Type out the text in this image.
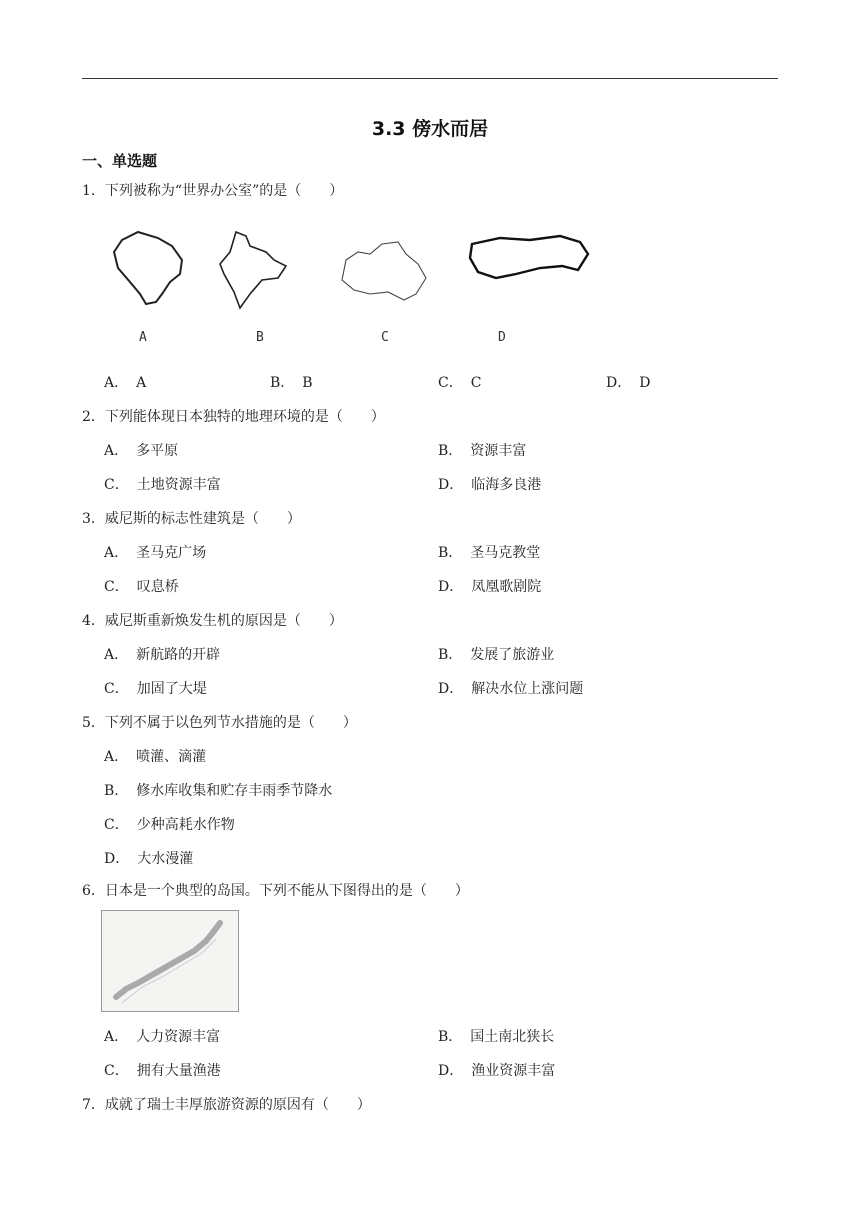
3.3 傍水而居
一、单选题
1．下列被称为“世界办公室”的是（　　）
A	B	C	D
A． A	B． B	C． C	D． D
2．下列能体现日本独特的地理环境的是（　　）
A． 多平原	B． 资源丰富
C． 土地资源丰富	D． 临海多良港
3．威尼斯的标志性建筑是（　　）
A． 圣马克广场	B． 圣马克教堂
C． 叹息桥	D． 凤凰歌剧院
4．威尼斯重新焕发生机的原因是（　　）
A． 新航路的开辟	B． 发展了旅游业
C． 加固了大堤	D． 解决水位上涨问题
5．下列不属于以色列节水措施的是（　　）
A． 喷灌、滴灌
B． 修水库收集和贮存丰雨季节降水
C． 少种高耗水作物
D． 大水漫灌
6．日本是一个典型的岛国。下列不能从下图得出的是（　　）
A． 人力资源丰富	B． 国土南北狭长
C． 拥有大量渔港	D． 渔业资源丰富
7．成就了瑞士丰厚旅游资源的原因有（　　）
